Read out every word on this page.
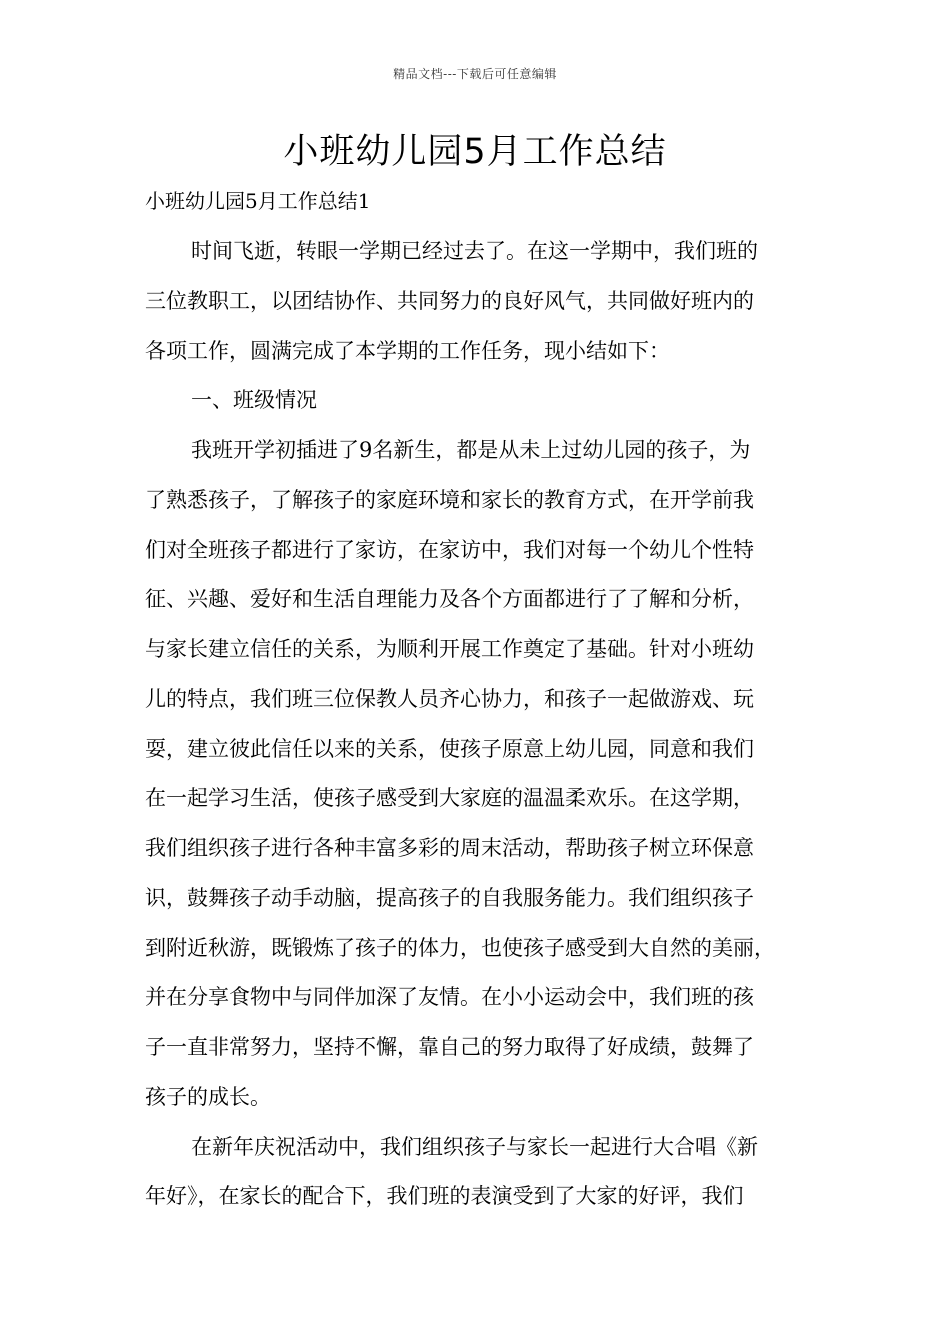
精品文档---下载后可任意编辑
小班幼儿园5月工作总结

小班幼儿园5月工作总结1

时间飞逝，转眼一学期已经过去了。在这一学期中，我们班的
三位教职工，以团结协作、共同努力的良好风气，共同做好班内的
各项工作，圆满完成了本学期的工作任务，现小结如下：
一、班级情况
我班开学初插进了9名新生，都是从未上过幼儿园的孩子，为
了熟悉孩子，了解孩子的家庭环境和家长的教育方式，在开学前我
们对全班孩子都进行了家访，在家访中，我们对每一个幼儿个性特
征、兴趣、爱好和生活自理能力及各个方面都进行了了解和分析，
与家长建立信任的关系，为顺利开展工作奠定了基础。针对小班幼
儿的特点，我们班三位保教人员齐心协力，和孩子一起做游戏、玩
耍，建立彼此信任以来的关系，使孩子原意上幼儿园，同意和我们
在一起学习生活，使孩子感受到大家庭的温温柔欢乐。在这学期，
我们组织孩子进行各种丰富多彩的周末活动，帮助孩子树立环保意
识，鼓舞孩子动手动脑，提高孩子的自我服务能力。我们组织孩子
到附近秋游，既锻炼了孩子的体力，也使孩子感受到大自然的美丽，
并在分享食物中与同伴加深了友情。在小小运动会中，我们班的孩
子一直非常努力，坚持不懈，靠自己的努力取得了好成绩，鼓舞了
孩子的成长。
在新年庆祝活动中，我们组织孩子与家长一起进行大合唱《新
年好》，在家长的配合下，我们班的表演受到了大家的好评，我们
